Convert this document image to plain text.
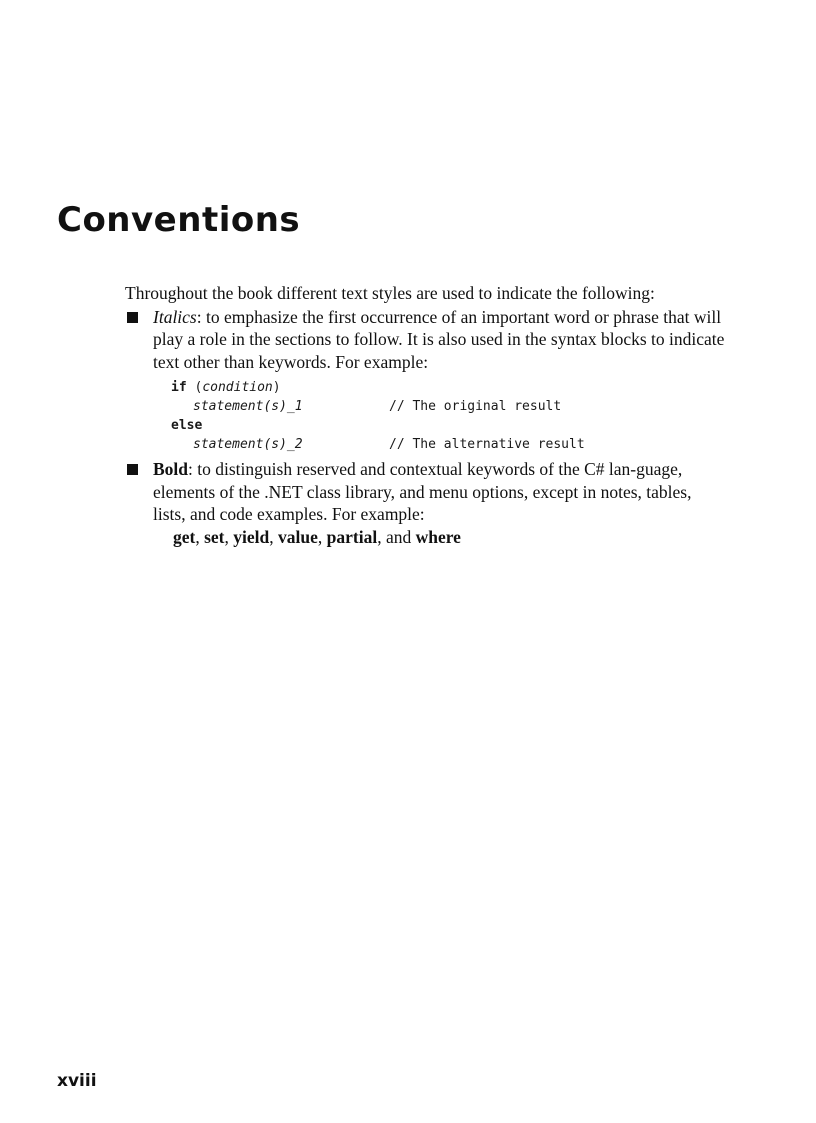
Conventions

Throughout the book different text styles are used to indicate the following:

Italics: to emphasize the first occurrence of an important word or phrase that will play a role in the sections to follow. It is also used in the syntax blocks to indicate text other than keywords. For example:
if (condition)
statement(s)_1	// The original result
else
statement(s)_2	// The alternative result
Bold: to distinguish reserved and contextual keywords of the C# lan-guage, elements of the .NET class library, and menu options, except in notes, tables, lists, and code examples. For example:
get, set, yield, value, partial, and where
xviii
